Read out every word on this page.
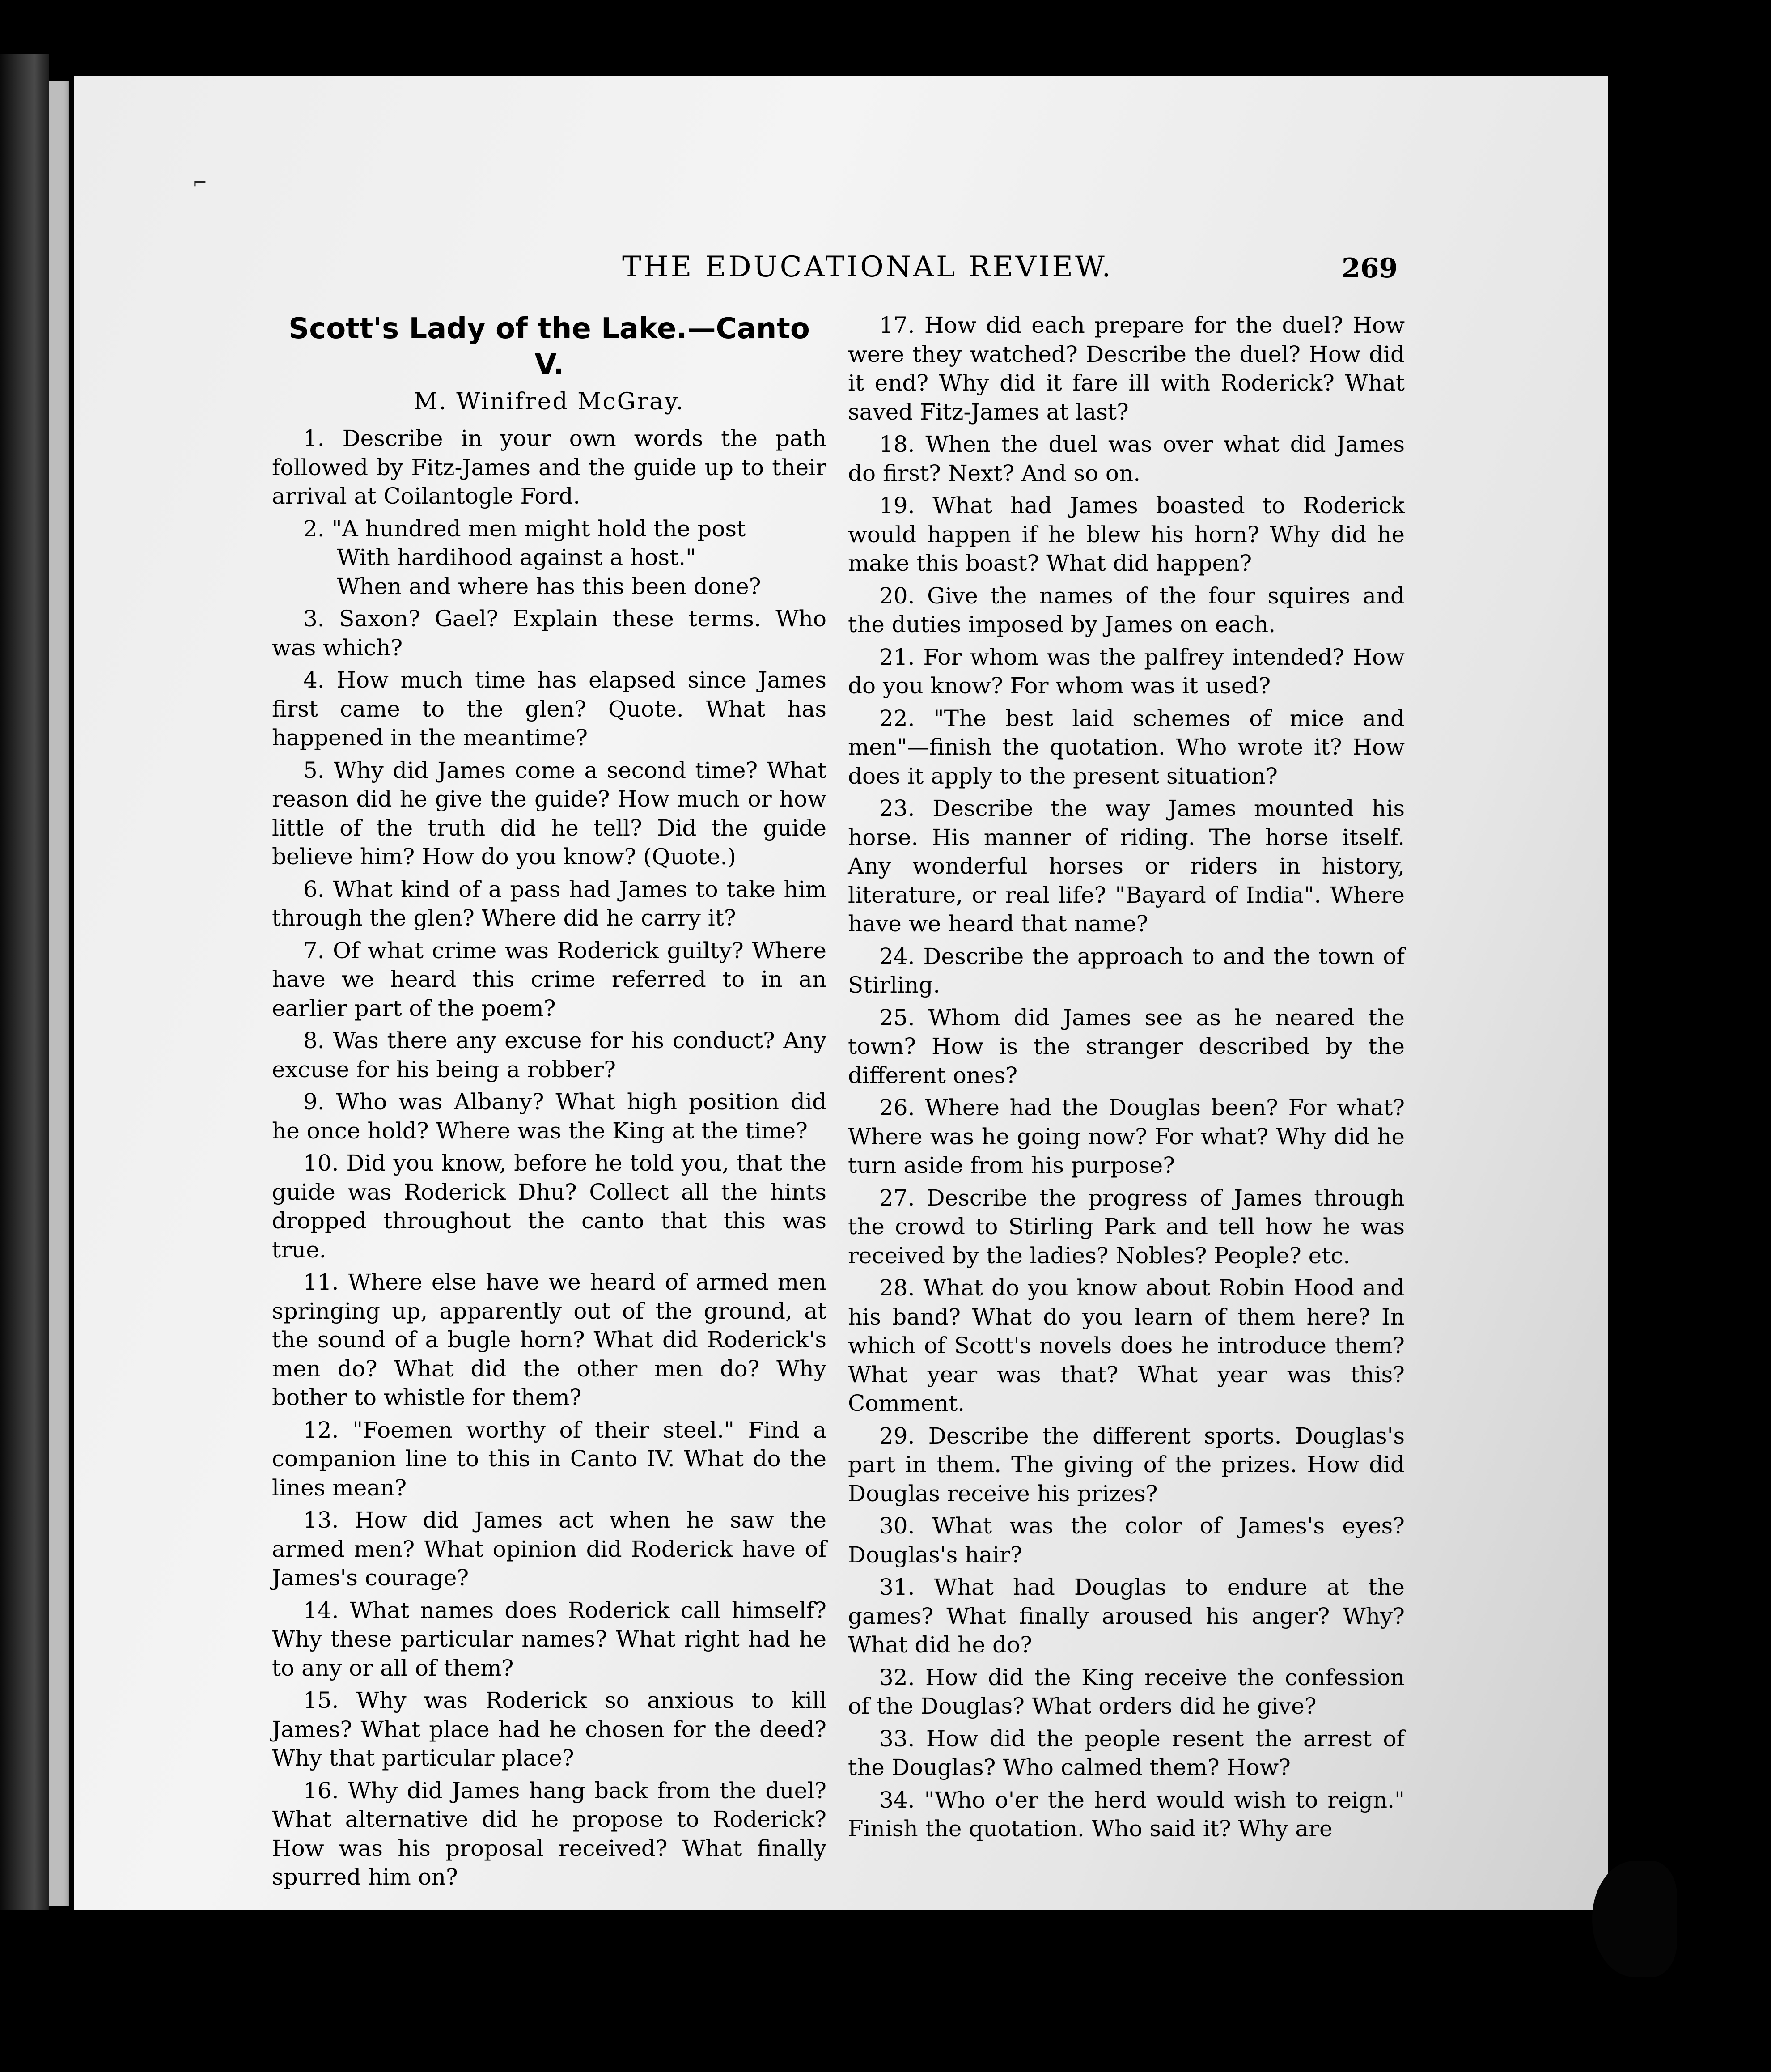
⌐
THE EDUCATIONAL REVIEW.	269
Scott's Lady of the Lake.—Canto V.
M. Winifred McGray.

1. Describe in your own words the path followed by Fitz-James and the guide up to their arrival at Coilantogle Ford.

2. "A hundred men might hold the post

With hardihood against a host."

When and where has this been done?

3. Saxon? Gael? Explain these terms. Who was which?

4. How much time has elapsed since James first came to the glen? Quote. What has happened in the meantime?

5. Why did James come a second time? What reason did he give the guide? How much or how little of the truth did he tell? Did the guide believe him? How do you know? (Quote.)

6. What kind of a pass had James to take him through the glen? Where did he carry it?

7. Of what crime was Roderick guilty? Where have we heard this crime referred to in an earlier part of the poem?

8. Was there any excuse for his conduct? Any excuse for his being a robber?

9. Who was Albany? What high position did he once hold? Where was the King at the time?

10. Did you know, before he told you, that the guide was Roderick Dhu? Collect all the hints dropped throughout the canto that this was true.

11. Where else have we heard of armed men springing up, apparently out of the ground, at the sound of a bugle horn? What did Roderick's men do? What did the other men do? Why bother to whistle for them?

12. "Foemen worthy of their steel." Find a companion line to this in Canto IV. What do the lines mean?

13. How did James act when he saw the armed men? What opinion did Roderick have of James's courage?

14. What names does Roderick call himself? Why these particular names? What right had he to any or all of them?

15. Why was Roderick so anxious to kill James? What place had he chosen for the deed? Why that particular place?

16. Why did James hang back from the duel? What alternative did he propose to Roderick? How was his proposal received? What finally spurred him on?

17. How did each prepare for the duel? How were they watched? Describe the duel? How did it end? Why did it fare ill with Roderick? What saved Fitz-James at last?

18. When the duel was over what did James do first? Next? And so on.

19. What had James boasted to Roderick would happen if he blew his horn? Why did he make this boast? What did happen?

20. Give the names of the four squires and the duties imposed by James on each.

21. For whom was the palfrey intended? How do you know? For whom was it used?

22. "The best laid schemes of mice and men"—finish the quotation. Who wrote it? How does it apply to the present situation?

23. Describe the way James mounted his horse. His manner of riding. The horse itself. Any wonderful horses or riders in history, literature, or real life? "Bayard of India". Where have we heard that name?

24. Describe the approach to and the town of Stirling.

25. Whom did James see as he neared the town? How is the stranger described by the different ones?

26. Where had the Douglas been? For what? Where was he going now? For what? Why did he turn aside from his purpose?

27. Describe the progress of James through the crowd to Stirling Park and tell how he was received by the ladies? Nobles? People? etc.

28. What do you know about Robin Hood and his band? What do you learn of them here? In which of Scott's novels does he introduce them? What year was that? What year was this? Comment.

29. Describe the different sports. Douglas's part in them. The giving of the prizes. How did Douglas receive his prizes?

30. What was the color of James's eyes? Douglas's hair?

31. What had Douglas to endure at the games? What finally aroused his anger? Why? What did he do?

32. How did the King receive the confession of the Douglas? What orders did he give?

33. How did the people resent the arrest of the Douglas? Who calmed them? How?

34. "Who o'er the herd would wish to reign." Finish the quotation. Who said it? Why are
